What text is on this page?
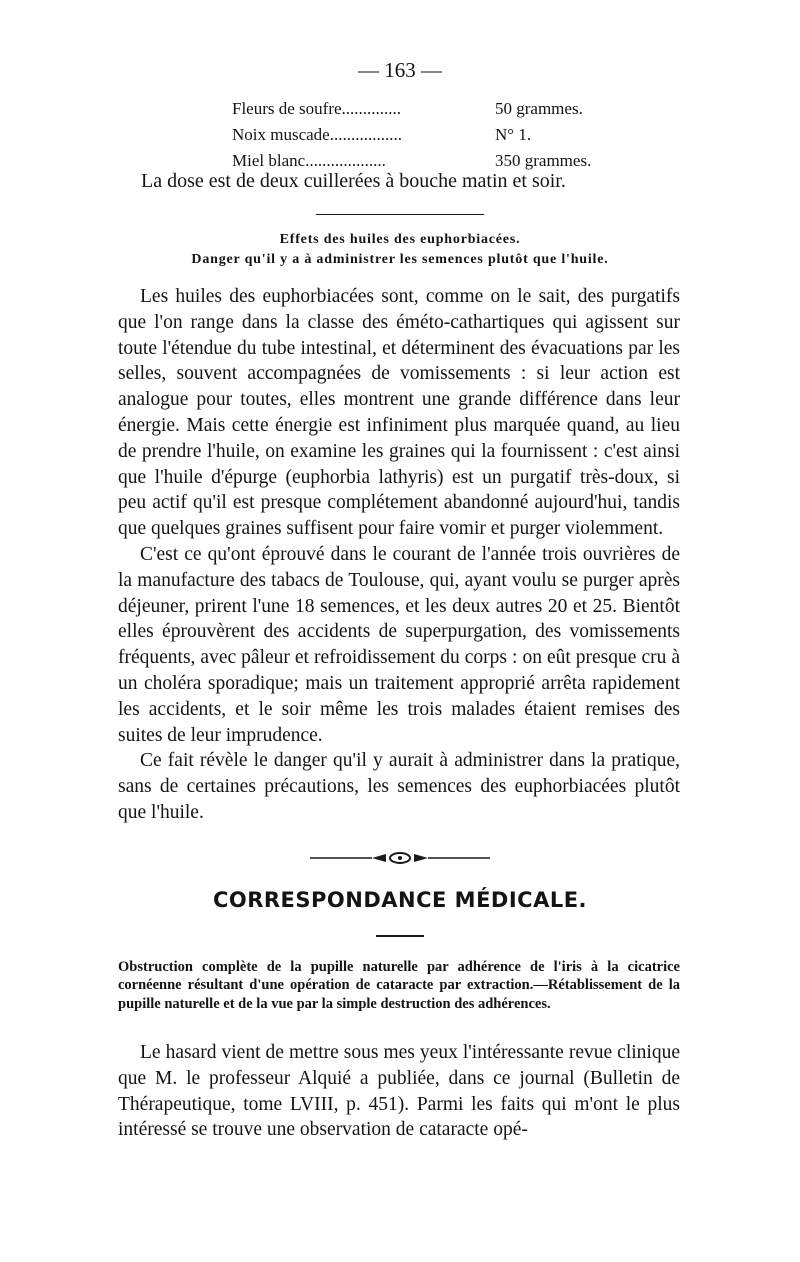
— 163 —
Fleurs de soufre..............	50 grammes.
Noix muscade.................	N° 1.
Miel blanc...................	350 grammes.
La dose est de deux cuillerées à bouche matin et soir.
Effets des huiles des euphorbiacées.
Danger qu'il y a à administrer les semences plutôt que l'huile.

Les huiles des euphorbiacées sont, comme on le sait, des purgatifs que l'on range dans la classe des éméto-cathartiques qui agissent sur toute l'étendue du tube intestinal, et déterminent des évacuations par les selles, souvent accompagnées de vomissements : si leur action est analogue pour toutes, elles montrent une grande différence dans leur énergie. Mais cette énergie est infiniment plus marquée quand, au lieu de prendre l'huile, on examine les graines qui la fournissent : c'est ainsi que l'huile d'épurge (euphorbia lathyris) est un purgatif très-doux, si peu actif qu'il est presque complétement abandonné aujourd'hui, tandis que quelques graines suffisent pour faire vomir et purger violemment.

C'est ce qu'ont éprouvé dans le courant de l'année trois ouvrières de la manufacture des tabacs de Toulouse, qui, ayant voulu se purger après déjeuner, prirent l'une 18 semences, et les deux autres 20 et 25. Bientôt elles éprouvèrent des accidents de superpurgation, des vomissements fréquents, avec pâleur et refroidissement du corps : on eût presque cru à un choléra sporadique; mais un traitement approprié arrêta rapidement les accidents, et le soir même les trois malades étaient remises des suites de leur imprudence.

Ce fait révèle le danger qu'il y aurait à administrer dans la pratique, sans de certaines précautions, les semences des euphorbiacées plutôt que l'huile.

CORRESPONDANCE MÉDICALE.
Obstruction complète de la pupille naturelle par adhérence de l'iris à la cicatrice cornéenne résultant d'une opération de cataracte par extraction.—Rétablissement de la pupille naturelle et de la vue par la simple destruction des adhérences.

Le hasard vient de mettre sous mes yeux l'intéressante revue clinique que M. le professeur Alquié a publiée, dans ce journal (Bulletin de Thérapeutique, tome LVIII, p. 451). Parmi les faits qui m'ont le plus intéressé se trouve une observation de cataracte opé-
